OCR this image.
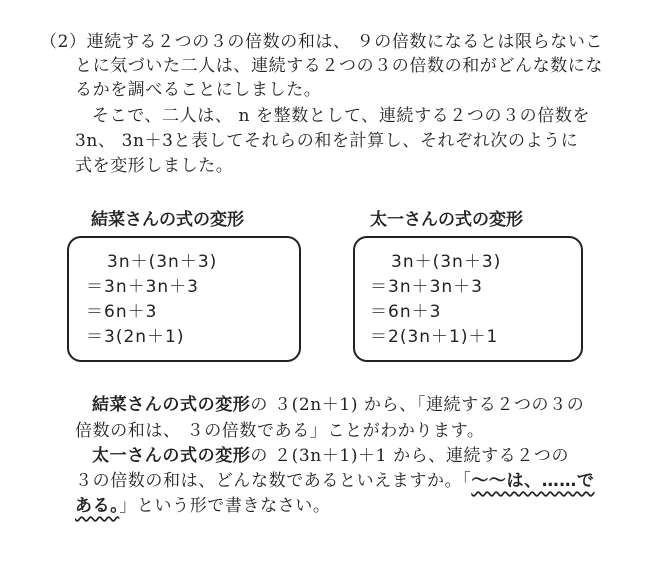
（2）連続する２つの３の倍数の和は、 ９の倍数になるとは限らないこ
とに気づいた二人は、連続する２つの３の倍数の和がどんな数にな
るかを調べることにしました。
そこで、二人は、 n を整数として、連続する２つの３の倍数を
3n、 3n＋3と表してそれらの和を計算し、それぞれ次のように
式を変形しました。
結菜さんの式の変形
3n＋(3n＋3)
＝3n＋3n＋3
＝6n＋3
＝3(2n＋1)
太一さんの式の変形
3n＋(3n＋3)
＝3n＋3n＋3
＝6n＋3
＝2(3n＋1)＋1
結菜さんの式の変形の ３(2n＋1) から、「連続する２つの３の
倍数の和は、 ３の倍数である」ことがわかります。
太一さんの式の変形の ２(3n＋1)＋1 から、連続する２つの
３の倍数の和は、どんな数であるといえますか。「〜〜は、……で
ある。」という形で書きなさい。
